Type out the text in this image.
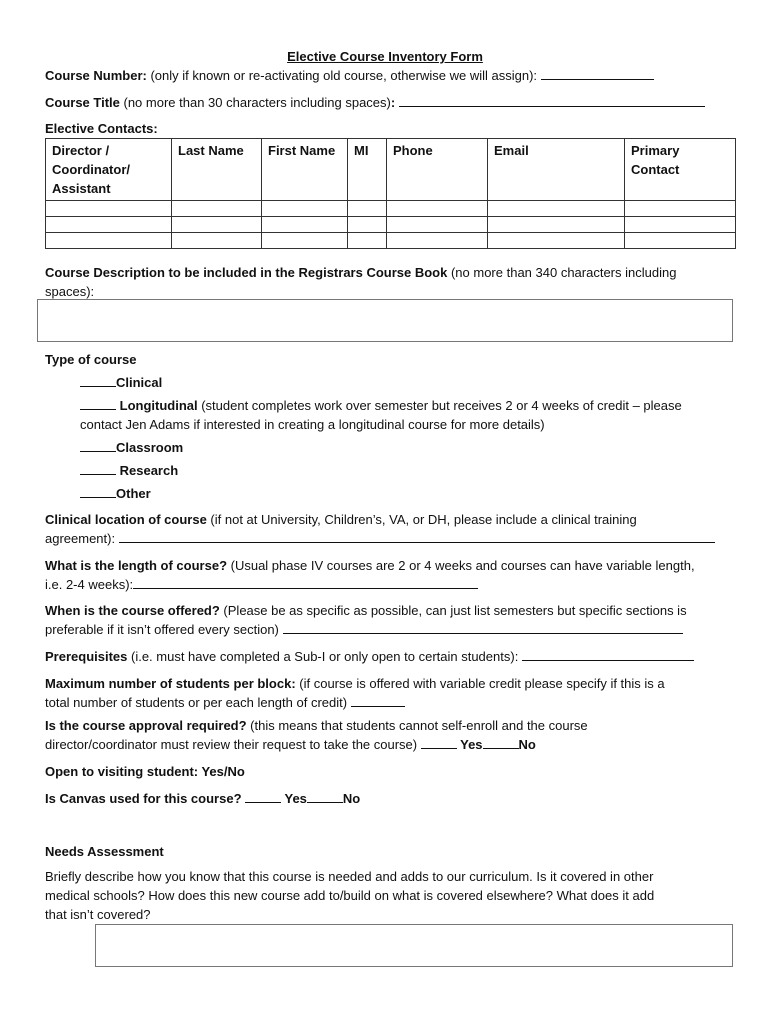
Elective Course Inventory Form
Course Number: (only if known or re-activating old course, otherwise we will assign):
Course Title (no more than 30 characters including spaces):
Elective Contacts:
Director / Coordinator/ Assistant	Last Name	First Name	MI	Phone	Email	Primary Contact

Course Description to be included in the Registrars Course Book (no more than 340 characters including
spaces):
Type of course
Clinical
Longitudinal (student completes work over semester but receives 2 or 4 weeks of credit – please
contact Jen Adams if interested in creating a longitudinal course for more details)
Classroom
Research
Other
Clinical location of course (if not at University, Children’s, VA, or DH, please include a clinical training
agreement):
What is the length of course? (Usual phase IV courses are 2 or 4 weeks and courses can have variable length,
i.e. 2-4 weeks):
When is the course offered? (Please be as specific as possible, can just list semesters but specific sections is
preferable if it isn’t offered every section)
Prerequisites (i.e. must have completed a Sub-I or only open to certain students):
Maximum number of students per block: (if course is offered with variable credit please specify if this is a
total number of students or per each length of credit)
Is the course approval required? (this means that students cannot self-enroll and the course
director/coordinator must review their request to take the course)	Yes	No
Open to visiting student: Yes/No
Is Canvas used for this course?	Yes	No
Needs Assessment
Briefly describe how you know that this course is needed and adds to our curriculum. Is it covered in other
medical schools? How does this new course add to/build on what is covered elsewhere? What does it add
that isn’t covered?
